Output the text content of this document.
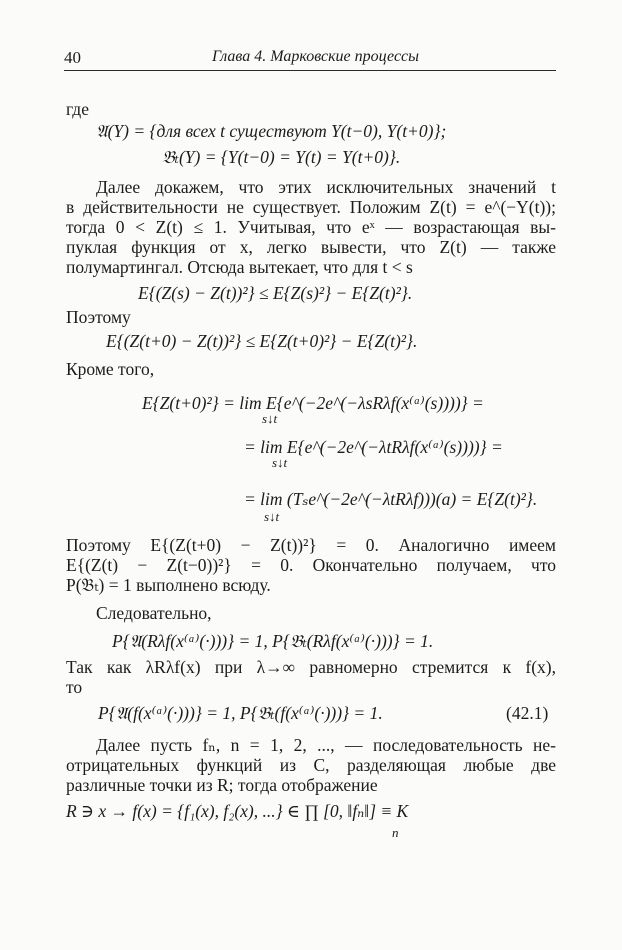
40	Глава 4. Марковские процессы
где
𝔄(Y) = {для всех t существуют Y(t−0), Y(t+0)};
𝔅ₜ(Y) = {Y(t−0) = Y(t) = Y(t+0)}.
Далее докажем, что этих исключительных значений t
в действительности не существует. Положим Z(t) = e^(−Y(t));
тогда 0 < Z(t) ≤ 1. Учитывая, что eˣ — возрастающая вы-
пуклая функция от x, легко вывести, что Z(t) — также
полумартингал. Отсюда вытекает, что для t < s
E{(Z(s) − Z(t))²} ≤ E{Z(s)²} − E{Z(t)²}.
Поэтому
E{(Z(t+0) − Z(t))²} ≤ E{Z(t+0)²} − E{Z(t)²}.
Кроме того,
E{Z(t+0)²} = lim E{e^(−2e^(−λsRλf(x⁽ᵃ⁾(s))))} =
s↓t
= lim E{e^(−2e^(−λtRλf(x⁽ᵃ⁾(s))))} =
s↓t
= lim (Tₛe^(−2e^(−λtRλf)))(a) = E{Z(t)²}.
s↓t
Поэтому E{(Z(t+0) − Z(t))²} = 0. Аналогично имеем
E{(Z(t) − Z(t−0))²} = 0. Окончательно получаем, что
P(𝔅ₜ) = 1 выполнено всюду.
Следовательно,
P{𝔄(Rλf(x⁽ᵃ⁾(·)))} = 1, P{𝔅ₜ(Rλf(x⁽ᵃ⁾(·)))} = 1.
Так как λRλf(x) при λ→∞ равномерно стремится к f(x),
то
P{𝔄(f(x⁽ᵃ⁾(·)))} = 1, P{𝔅ₜ(f(x⁽ᵃ⁾(·)))} = 1.	(42.1)
Далее пусть fₙ, n = 1, 2, ..., — последовательность не-
отрицательных функций из C, разделяющая любые две
различные точки из R; тогда отображение
R ∋ x → f(x) = {f₁(x), f₂(x), ...} ∈ ∏ [0, ‖fₙ‖] ≡ K
n
